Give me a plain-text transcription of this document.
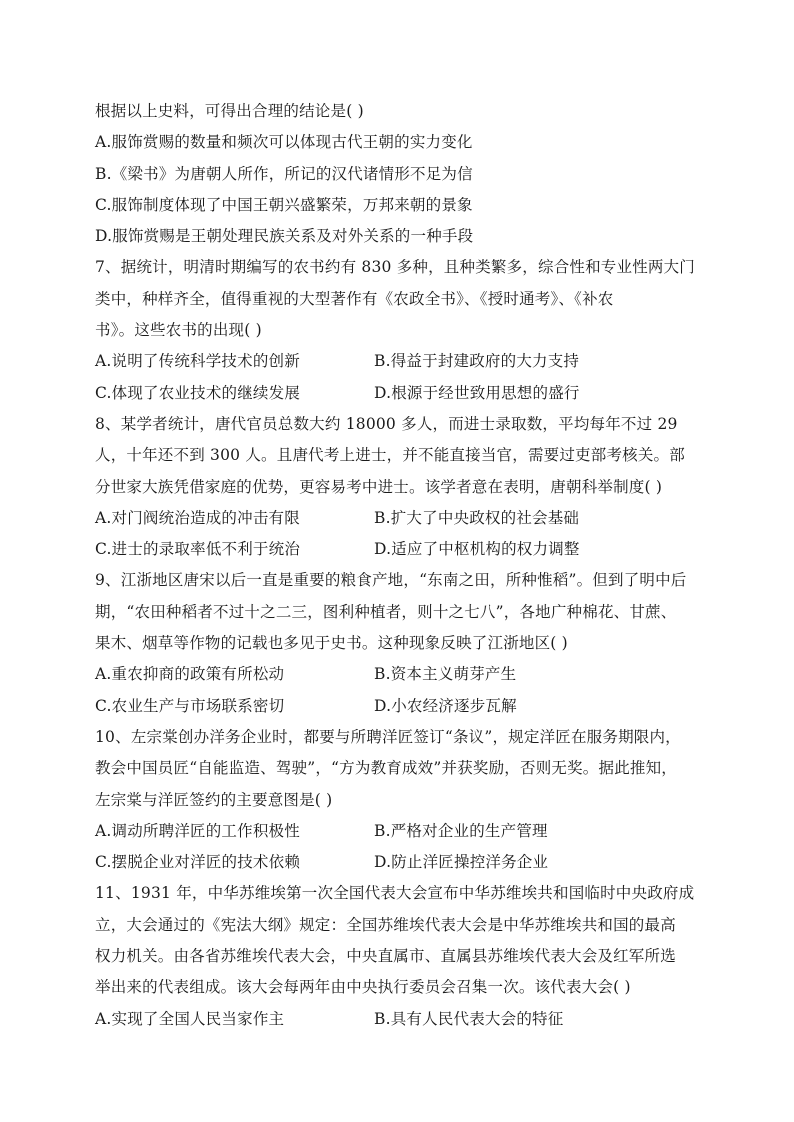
根据以上史料，可得出合理的结论是( )
A.服饰赏赐的数量和频次可以体现古代王朝的实力变化
B.《梁书》为唐朝人所作，所记的汉代诸情形不足为信
C.服饰制度体现了中国王朝兴盛繁荣，万邦来朝的景象
D.服饰赏赐是王朝处理民族关系及对外关系的一种手段
7、据统计，明清时期编写的农书约有 830 多种，且种类繁多，综合性和专业性两大门
类中，种样齐全，值得重视的大型著作有《农政全书》、《授时通考》、《补农
书》。这些农书的出现( )
A.说明了传统科学技术的创新	B.得益于封建政府的大力支持
C.体现了农业技术的继续发展	D.根源于经世致用思想的盛行
8、某学者统计，唐代官员总数大约 18000 多人，而进士录取数，平均每年不过 29
人，十年还不到 300 人。且唐代考上进士，并不能直接当官，需要过吏部考核关。部
分世家大族凭借家庭的优势，更容易考中进士。该学者意在表明，唐朝科举制度( )
A.对门阀统治造成的冲击有限	B.扩大了中央政权的社会基础
C.进士的录取率低不利于统治	D.适应了中枢机构的权力调整
9、江浙地区唐宋以后一直是重要的粮食产地，“东南之田，所种惟稻”。但到了明中后
期，“农田种稻者不过十之二三，图利种植者，则十之七八”，各地广种棉花、甘蔗、
果木、烟草等作物的记载也多见于史书。这种现象反映了江浙地区( )
A.重农抑商的政策有所松动	B.资本主义萌芽产生
C.农业生产与市场联系密切	D.小农经济逐步瓦解
10、左宗棠创办洋务企业时，都要与所聘洋匠签订“条议”，规定洋匠在服务期限内，
教会中国员匠“自能监造、驾驶”，“方为教育成效”并获奖励，否则无奖。据此推知，
左宗棠与洋匠签约的主要意图是( )
A.调动所聘洋匠的工作积极性	B.严格对企业的生产管理
C.摆脱企业对洋匠的技术依赖	D.防止洋匠操控洋务企业
11、1931 年，中华苏维埃第一次全国代表大会宣布中华苏维埃共和国临时中央政府成
立，大会通过的《宪法大纲》规定：全国苏维埃代表大会是中华苏维埃共和国的最高
权力机关。由各省苏维埃代表大会，中央直属市、直属县苏维埃代表大会及红军所选
举出来的代表组成。该大会每两年由中央执行委员会召集一次。该代表大会( )
A.实现了全国人民当家作主	B.具有人民代表大会的特征
